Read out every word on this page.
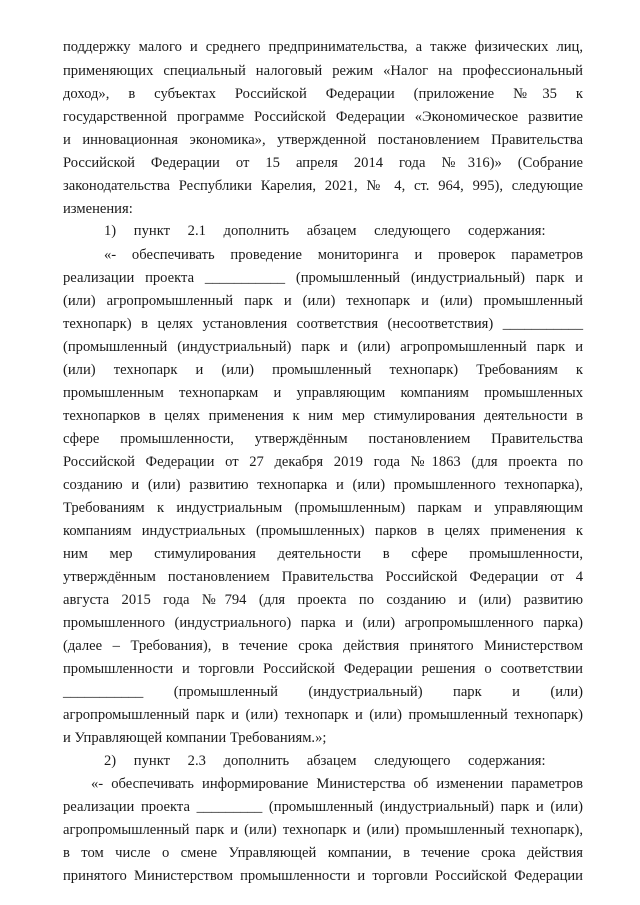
поддержку малого и среднего предпринимательства, а также физических лиц,
применяющих специальный налоговый режим «Налог на профессиональный
доход», в субъектах Российской Федерации (приложение №35 к
государственной программе Российской Федерации «Экономическое развитие
и инновационная экономика», утвержденной постановлением Правительства
Российской Федерации от 15 апреля 2014 года №316)» (Собрание
законодательства Республики Карелия, 2021, № 4, ст. 964, 995), следующие
изменения:
1) пункт 2.1 дополнить абзацем следующего содержания:
«- обеспечивать проведение мониторинга и проверок параметров
реализации проекта ___________ (промышленный (индустриальный) парк и
(или) агропромышленный парк и (или) технопарк и (или) промышленный
технопарк) в целях установления соответствия (несоответствия) ___________
(промышленный (индустриальный) парк и (или) агропромышленный парк и
(или) технопарк и (или) промышленный технопарк) Требованиям к
промышленным технопаркам и управляющим компаниям промышленных
технопарков в целях применения к ним мер стимулирования деятельности в
сфере промышленности, утверждённым постановлением Правительства
Российской Федерации от 27 декабря 2019 года №1863 (для проекта по
созданию и (или) развитию технопарка и (или) промышленного технопарка),
Требованиям к индустриальным (промышленным) паркам и управляющим
компаниям индустриальных (промышленных) парков в целях применения к
ним мер стимулирования деятельности в сфере промышленности,
утверждённым постановлением Правительства Российской Федерации от 4
августа 2015 года №794 (для проекта по созданию и (или) развитию
промышленного (индустриального) парка и (или) агропромышленного парка)
(далее – Требования), в течение срока действия принятого Министерством
промышленности и торговли Российской Федерации решения о соответствии
___________ (промышленный (индустриальный) парк и (или)
агропромышленный парк и (или) технопарк и (или) промышленный технопарк)
и Управляющей компании Требованиям.»;
2) пункт 2.3 дополнить абзацем следующего содержания:
«- обеспечивать информирование Министерства об изменении параметров
реализации проекта _________ (промышленный (индустриальный) парк и (или)
агропромышленный парк и (или) технопарк и (или) промышленный технопарк),
в том числе о смене Управляющей компании, в течение срока действия
принятого Министерством промышленности и торговли Российской Федерации
